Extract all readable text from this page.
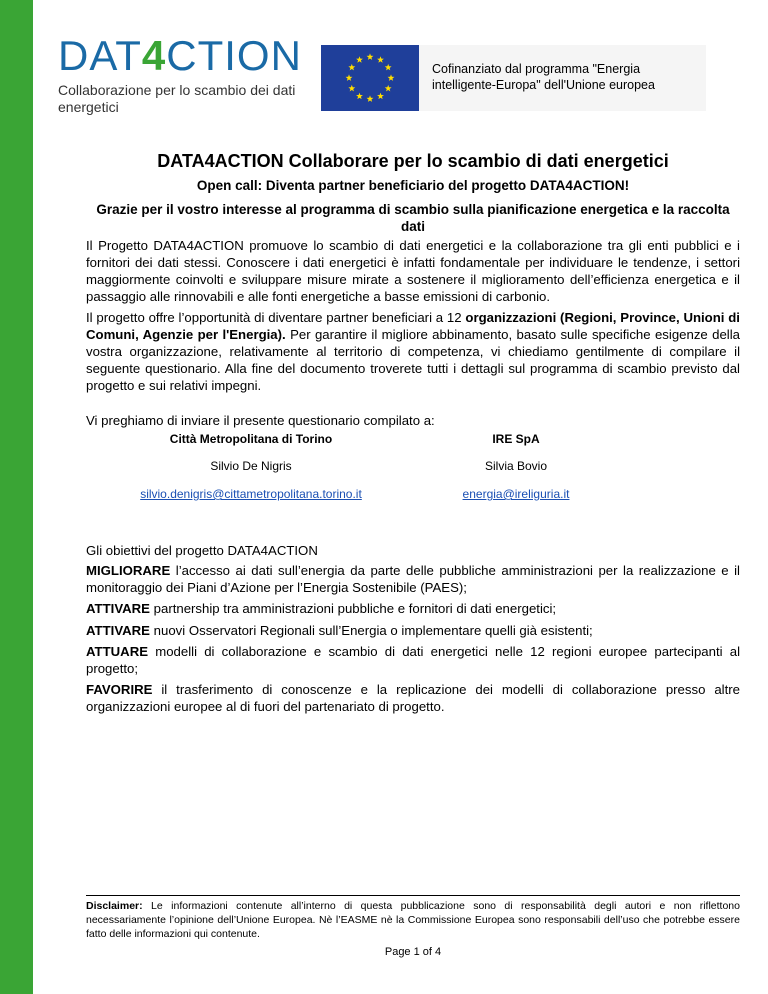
DAT4CTION
Collaborazione per lo scambio dei dati energetici
Cofinanziato dal programma "Energia intelligente-Europa" dell'Unione europea
DATA4ACTION Collaborare per lo scambio di dati energetici
Open call: Diventa partner beneficiario del progetto DATA4ACTION!
Grazie per il vostro interesse al programma di scambio sulla pianificazione energetica e la raccolta dati
Il Progetto DATA4ACTION promuove lo scambio di dati energetici e la collaborazione tra gli enti pubblici e i fornitori dei dati stessi. Conoscere i dati energetici è infatti fondamentale per individuare le tendenze, i settori maggiormente coinvolti e sviluppare misure mirate a sostenere il miglioramento dell’efficienza energetica e il passaggio alle rinnovabili e alle fonti energetiche a basse emissioni di carbonio.
Il progetto offre l’opportunità di diventare partner beneficiari a 12 organizzazioni (Regioni, Province, Unioni di Comuni, Agenzie per l'Energia). Per garantire il migliore abbinamento, basato sulle specifiche esigenze della vostra organizzazione, relativamente al territorio di competenza, vi chiediamo gentilmente di compilare il seguente questionario. Alla fine del documento troverete tutti i dettagli sul programma di scambio previsto dal progetto e sui relativi impegni.
Vi preghiamo di inviare il presente questionario compilato a:
Città Metropolitana di Torino
Silvio De Nigris
silvio.denigris@cittametropolitana.torino.it
IRE SpA
Silvia Bovio
energia@ireliguria.it
Gli obiettivi del progetto DATA4ACTION
MIGLIORARE l’accesso ai dati sull’energia da parte delle pubbliche amministrazioni per la realizzazione e il monitoraggio dei Piani d’Azione per l’Energia Sostenibile (PAES);
ATTIVARE partnership tra amministrazioni pubbliche e fornitori di dati energetici;
ATTIVARE nuovi Osservatori Regionali sull’Energia o implementare quelli già esistenti;
ATTUARE modelli di collaborazione e scambio di dati energetici nelle 12 regioni europee partecipanti al progetto;
FAVORIRE il trasferimento di conoscenze e la replicazione dei modelli di collaborazione presso altre organizzazioni europee al di fuori del partenariato di progetto.
Disclaimer: Le informazioni contenute all’interno di questa pubblicazione sono di responsabilità degli autori e non riflettono necessariamente l’opinione dell’Unione Europea. Nè l’EASME nè la Commissione Europea sono responsabili dell’uso che potrebbe essere fatto delle informazioni qui contenute.
Page 1 of 4
